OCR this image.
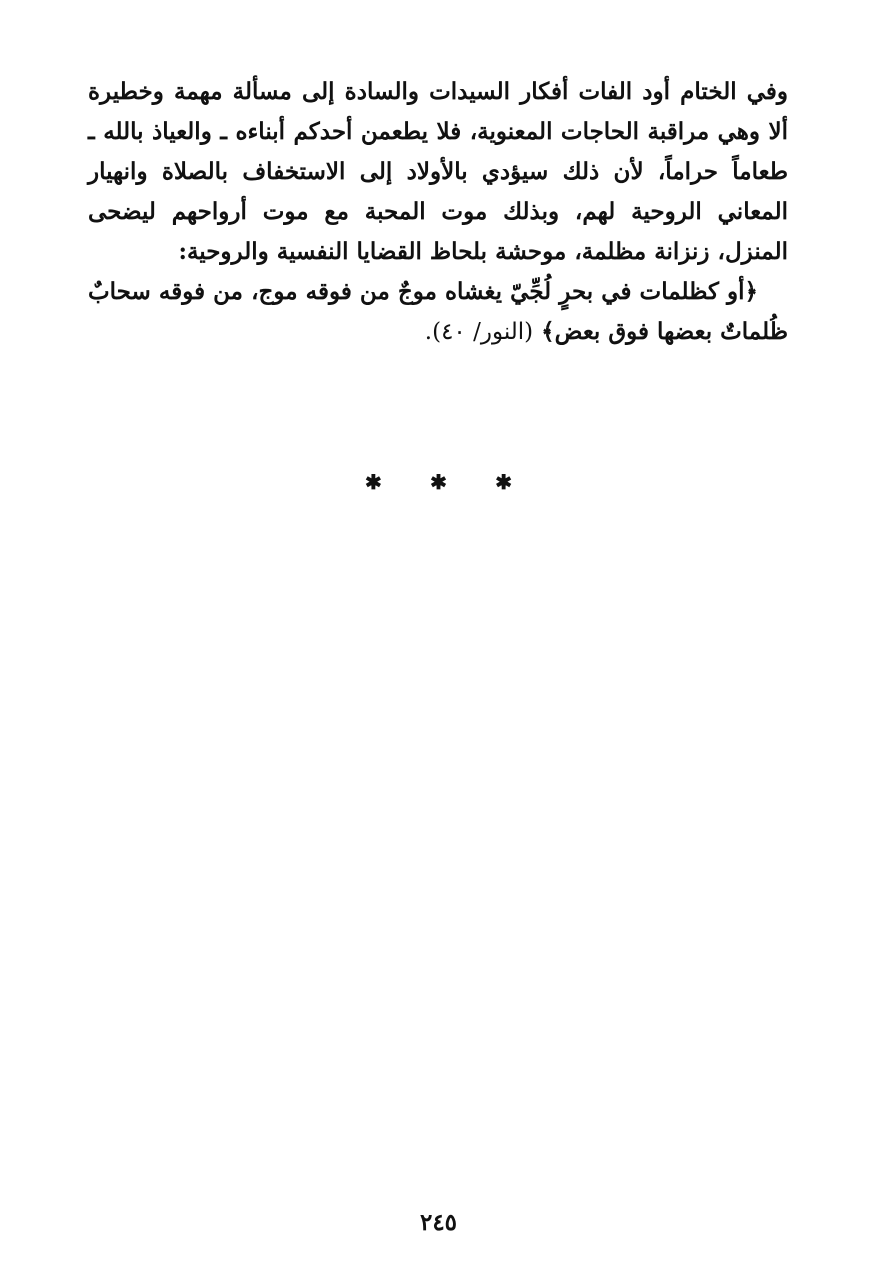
وفي الختام أود الفات أفكار السيدات والسادة إلى مسألة مهمة وخطيرة ألا وهي مراقبة الحاجات المعنوية، فلا يطعمن أحدكم أبناءه ـ والعياذ بالله ـ طعاماً حراماً، لأن ذلك سيؤدي بالأولاد إلى الاستخفاف بالصلاة وانهيار المعاني الروحية لهم، وبذلك موت المحبة مع موت أرواحهم ليضحى المنزل، زنزانة مظلمة، موحشة بلحاظ القضايا النفسية والروحية:

﴿أو كظلمات في بحرٍ لُجِّيّ يغشاه موجٌ من فوقه موج، من فوقه سحابٌ ظُلماتٌ بعضها فوق بعض﴾ (النور/ ٤٠).

✱ ✱ ✱
٢٤٥
